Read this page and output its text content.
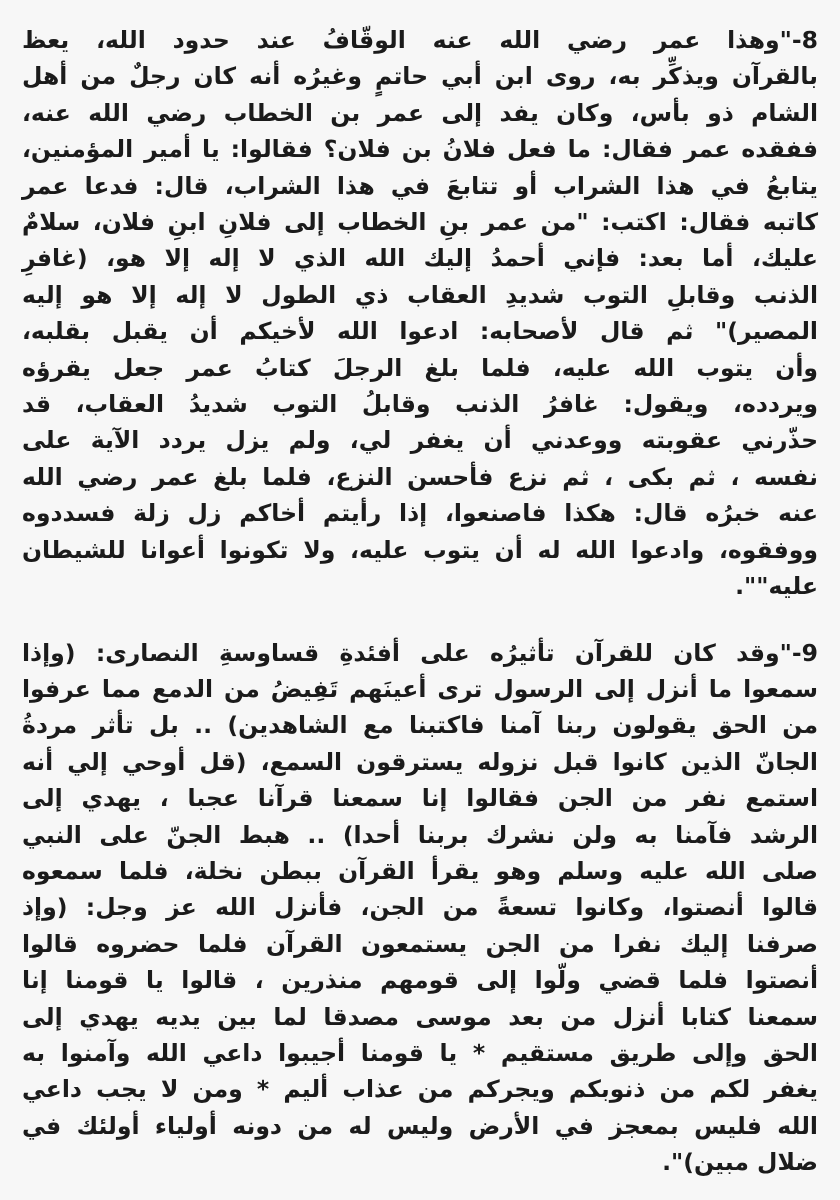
8-"وهذا عمر رضي الله عنه الوقّافُ عند حدود الله، يعظ
بالقرآن ويذكِّر به، روى ابن أبي حاتمٍ وغيرُه أنه كان رجلٌ من أهل
الشام ذو بأس، وكان يفد إلى عمر بن الخطاب رضي الله عنه،
ففقده عمر فقال: ما فعل فلانُ بن فلان؟ فقالوا: يا أمير المؤمنين،
يتابعُ في هذا الشراب أو تتابعَ في هذا الشراب، قال: فدعا عمر
كاتبه فقال: اكتب: "من عمر بنِ الخطاب إلى فلانِ ابنِ فلان، سلامٌ
عليك، أما بعد: فإني أحمدُ إليك الله الذي لا إله إلا هو، (غافرِ
الذنب وقابلِ التوب شديدِ العقاب ذي الطول لا إله إلا هو إليه
المصير)" ثم قال لأصحابه: ادعوا الله لأخيكم أن يقبل بقلبه،
وأن يتوب الله عليه، فلما بلغ الرجلَ كتابُ عمر جعل يقرؤه
ويردده، ويقول: غافرُ الذنب وقابلُ التوب شديدُ العقاب، قد
حذّرني عقوبته ووعدني أن يغفر لي، ولم يزل يردد الآية على
نفسه ، ثم بكى ، ثم نزع فأحسن النزع، فلما بلغ عمر رضي الله
عنه خبرُه قال: هكذا فاصنعوا، إذا رأيتم أخاكم زل زلة فسددوه
ووفقوه، وادعوا الله له أن يتوب عليه، ولا تكونوا أعوانا للشيطان
عليه"".
9-"وقد كان للقرآن تأثيرُه على أفئدةِ قساوسةِ النصارى: (وإذا
سمعوا ما أنزل إلى الرسول ترى أعينَهم تَفِيضُ من الدمع مما عرفوا
من الحق يقولون ربنا آمنا فاكتبنا مع الشاهدين) .. بل تأثر مردةُ
الجانّ الذين كانوا قبل نزوله يسترقون السمع، (قل أوحي إلي أنه
استمع نفر من الجن فقالوا إنا سمعنا قرآنا عجبا ، يهدي إلى
الرشد فآمنا به ولن نشرك بربنا أحدا) .. هبط الجنّ على النبي
صلى الله عليه وسلم وهو يقرأ القرآن ببطن نخلة، فلما سمعوه
قالوا أنصتوا، وكانوا تسعةً من الجن، فأنزل الله عز وجل: (وإذ
صرفنا إليك نفرا من الجن يستمعون القرآن فلما حضروه قالوا
أنصتوا فلما قضي ولّوا إلى قومهم منذرين ، قالوا يا قومنا إنا
سمعنا كتابا أنزل من بعد موسى مصدقا لما بين يديه يهدي إلى
الحق وإلى طريق مستقيم * يا قومنا أجيبوا داعي الله وآمنوا به
يغفر لكم من ذنوبكم ويجركم من عذاب أليم * ومن لا يجب داعي
الله فليس بمعجز في الأرض وليس له من دونه أولياء أولئك في
ضلال مبين)".
